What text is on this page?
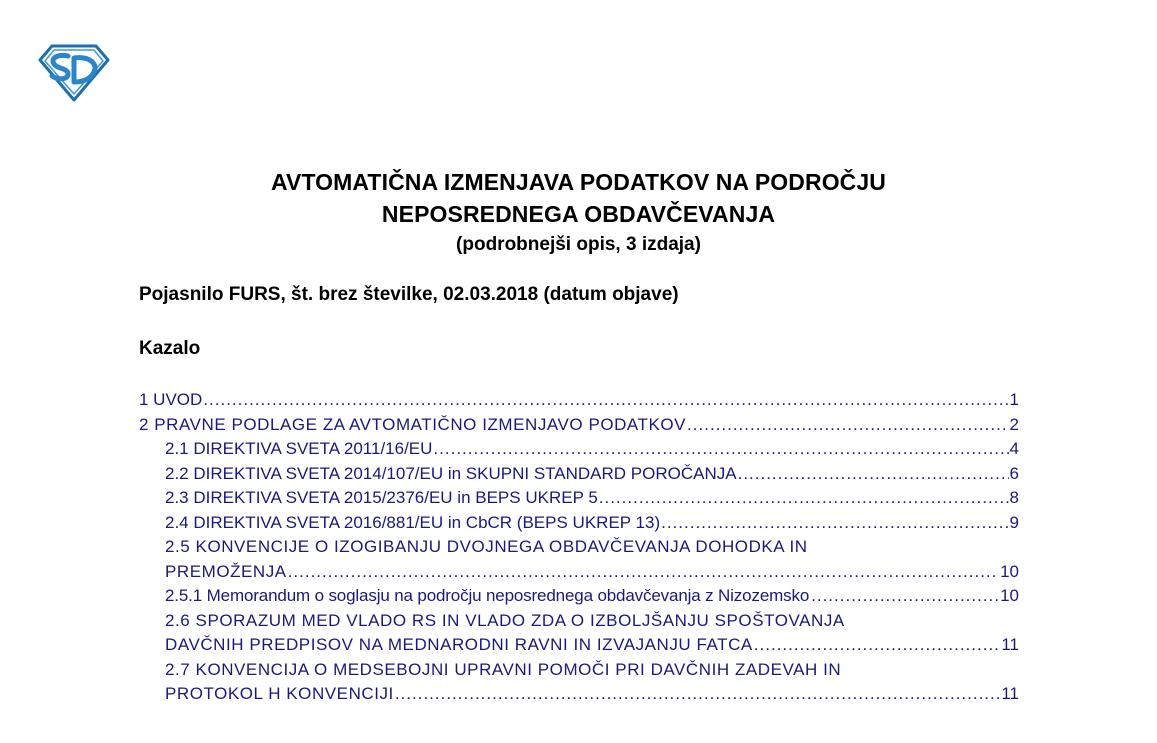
AVTOMATIČNA IZMENJAVA PODATKOV NA PODROČJU
NEPOSREDNEGA OBDAVČEVANJA
(podrobnejši opis, 3 izdaja)
Pojasnilo FURS, št. brez številke, 02.03.2018 (datum objave)
Kazalo
1 UVOD .....	1
2 PRAVNE PODLAGE ZA AVTOMATIČNO IZMENJAVO PODATKOV .....	2
2.1 DIREKTIVA SVETA 2011/16/EU .....	4
2.2 DIREKTIVA SVETA 2014/107/EU in SKUPNI STANDARD POROČANJA .....	6
2.3 DIREKTIVA SVETA 2015/2376/EU in BEPS UKREP 5 .....	8
2.4 DIREKTIVA SVETA 2016/881/EU in CbCR (BEPS UKREP 13) .....	9
2.5 KONVENCIJE O IZOGIBANJU DVOJNEGA OBDAVČEVANJA DOHODKA IN
PREMOŽENJA .....	10
2.5.1 Memorandum o soglasju na področju neposrednega obdavčevanja z Nizozemsko .....	10
2.6 SPORAZUM MED VLADO RS IN VLADO ZDA O IZBOLJŠANJU SPOŠTOVANJA
DAVČNIH PREDPISOV NA MEDNARODNI RAVNI IN IZVAJANJU FATCA .....	11
2.7 KONVENCIJA O MEDSEBOJNI UPRAVNI POMOČI PRI DAVČNIH ZADEVAH IN
PROTOKOL H KONVENCIJI .....	11
